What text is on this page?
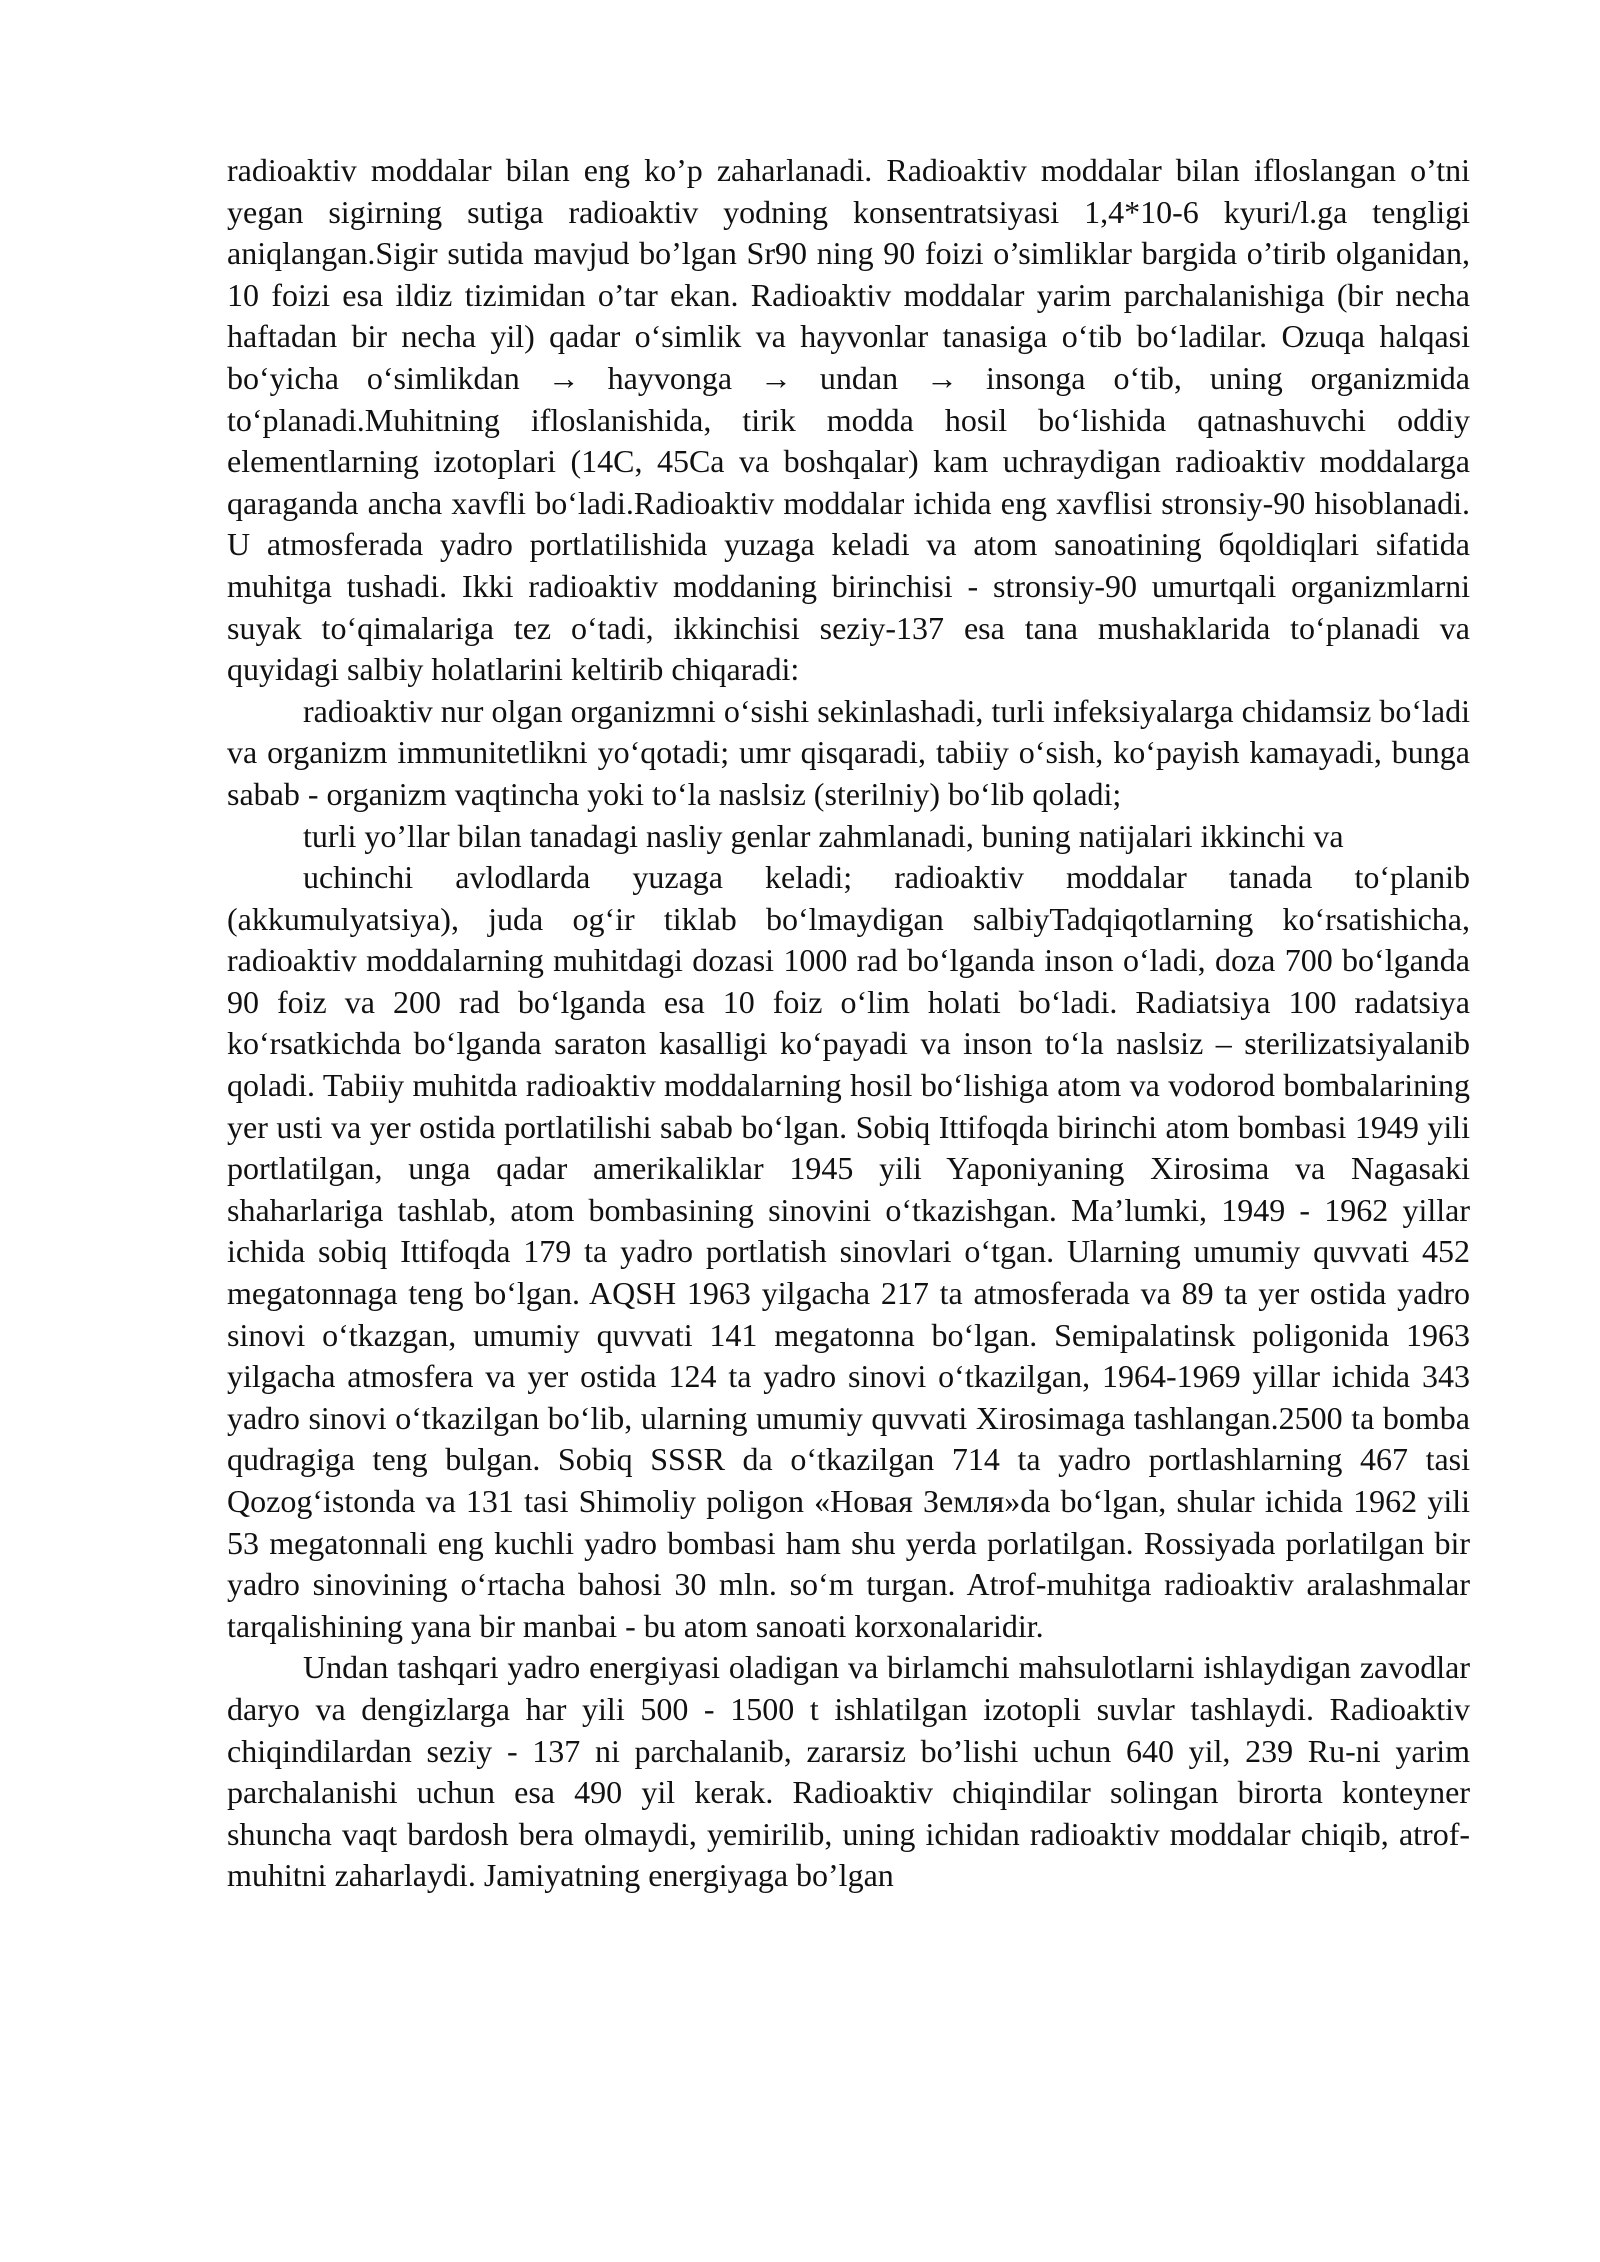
radioaktiv moddalar bilan eng ko’p zaharlanadi. Radioaktiv moddalar bilan ifloslangan o’tni yegan sigirning sutiga radioaktiv yodning konsentratsiyasi 1,4*10-6 kyuri/l.ga tengligi aniqlangan.Sigir sutida mavjud bo’lgan Sr90 ning 90 foizi o’simliklar bargida o’tirib olganidan, 10 foizi esa ildiz tizimidan o’tar ekan. Radioaktiv moddalar yarim parchalanishiga (bir necha haftadan bir necha yil) qadar o‘simlik va hayvonlar tanasiga o‘tib bo‘ladilar. Ozuqa halqasi bo‘yicha o‘simlikdan → hayvonga → undan → insonga o‘tib, uning organizmida to‘planadi.Muhitning ifloslanishida, tirik modda hosil bo‘lishida qatnashuvchi oddiy elementlarning izotoplari (14C, 45Ca va boshqalar) kam uchraydigan radioaktiv moddalarga qaraganda ancha xavfli bo‘ladi.Radioaktiv moddalar ichida eng xavflisi stronsiy-90 hisoblanadi. U atmosferada yadro portlatilishida yuzaga keladi va atom sanoatining бqoldiqlari sifatida muhitga tushadi. Ikki radioaktiv moddaning birinchisi - stronsiy-90 umurtqali organizmlarni suyak to‘qimalariga tez o‘tadi, ikkinchisi seziy-137 esa tana mushaklarida to‘planadi va quyidagi salbiy holatlarini keltirib chiqaradi:

radioaktiv nur olgan organizmni o‘sishi sekinlashadi, turli infeksiyalarga chidamsiz bo‘ladi va organizm immunitetlikni yo‘qotadi; umr qisqaradi, tabiiy o‘sish, ko‘payish kamayadi, bunga sabab - organizm vaqtincha yoki to‘la naslsiz (sterilniy) bo‘lib qoladi;

turli yo’llar bilan tanadagi nasliy genlar zahmlanadi, buning natijalari ikkinchi va

uchinchi avlodlarda yuzaga keladi; radioaktiv moddalar tanada to‘planib (akkumulyatsiya), juda og‘ir tiklab bo‘lmaydigan salbiyTadqiqotlarning ko‘rsatishicha, radioaktiv moddalarning muhitdagi dozasi 1000 rad bo‘lganda inson o‘ladi, doza 700 bo‘lganda 90 foiz va 200 rad bo‘lganda esa 10 foiz o‘lim holati bo‘ladi. Radiatsiya 100 radatsiya ko‘rsatkichda bo‘lganda saraton kasalligi ko‘payadi va inson to‘la naslsiz – sterilizatsiyalanib qoladi. Tabiiy muhitda radioaktiv moddalarning hosil bo‘lishiga atom va vodorod bombalarining yer usti va yer ostida portlatilishi sabab bo‘lgan. Sobiq Ittifoqda birinchi atom bombasi 1949 yili portlatilgan, unga qadar amerikaliklar 1945 yili Yaponiyaning Xirosima va Nagasaki shaharlariga tashlab, atom bombasining sinovini o‘tkazishgan. Ma’lumki, 1949 - 1962 yillar ichida sobiq Ittifoqda 179 ta yadro portlatish sinovlari o‘tgan. Ularning umumiy quvvati 452 megatonnaga teng bo‘lgan. AQSH 1963 yilgacha 217 ta atmosferada va 89 ta yer ostida yadro sinovi o‘tkazgan, umumiy quvvati 141 megatonna bo‘lgan. Semipalatinsk poligonida 1963 yilgacha atmosfera va yer ostida 124 ta yadro sinovi o‘tkazilgan, 1964-1969 yillar ichida 343 yadro sinovi o‘tkazilgan bo‘lib, ularning umumiy quvvati Xirosimaga tashlangan.2500 ta bomba qudragiga teng bulgan. Sobiq SSSR da o‘tkazilgan 714 ta yadro portlashlarning 467 tasi Qozog‘istonda va 131 tasi Shimoliy poligon «Новая Земля»da bo‘lgan, shular ichida 1962 yili 53 megatonnali eng kuchli yadro bombasi ham shu yerda porlatilgan. Rossiyada porlatilgan bir yadro sinovining o‘rtacha bahosi 30 mln. so‘m turgan. Atrof-muhitga radioaktiv aralashmalar tarqalishining yana bir manbai - bu atom sanoati korxonalaridir.

Undan tashqari yadro energiyasi oladigan va birlamchi mahsulotlarni ishlaydigan zavodlar daryo va dengizlarga har yili 500 - 1500 t ishlatilgan izotopli suvlar tashlaydi. Radioaktiv chiqindilardan seziy - 137 ni parchalanib, zararsiz bo’lishi uchun 640 yil, 239 Ru-ni yarim parchalanishi uchun esa 490 yil kerak. Radioaktiv chiqindilar solingan birorta konteyner shuncha vaqt bardosh bera olmaydi, yemirilib, uning ichidan radioaktiv moddalar chiqib, atrof-muhitni zaharlaydi. Jamiyatning energiyaga bo’lgan
